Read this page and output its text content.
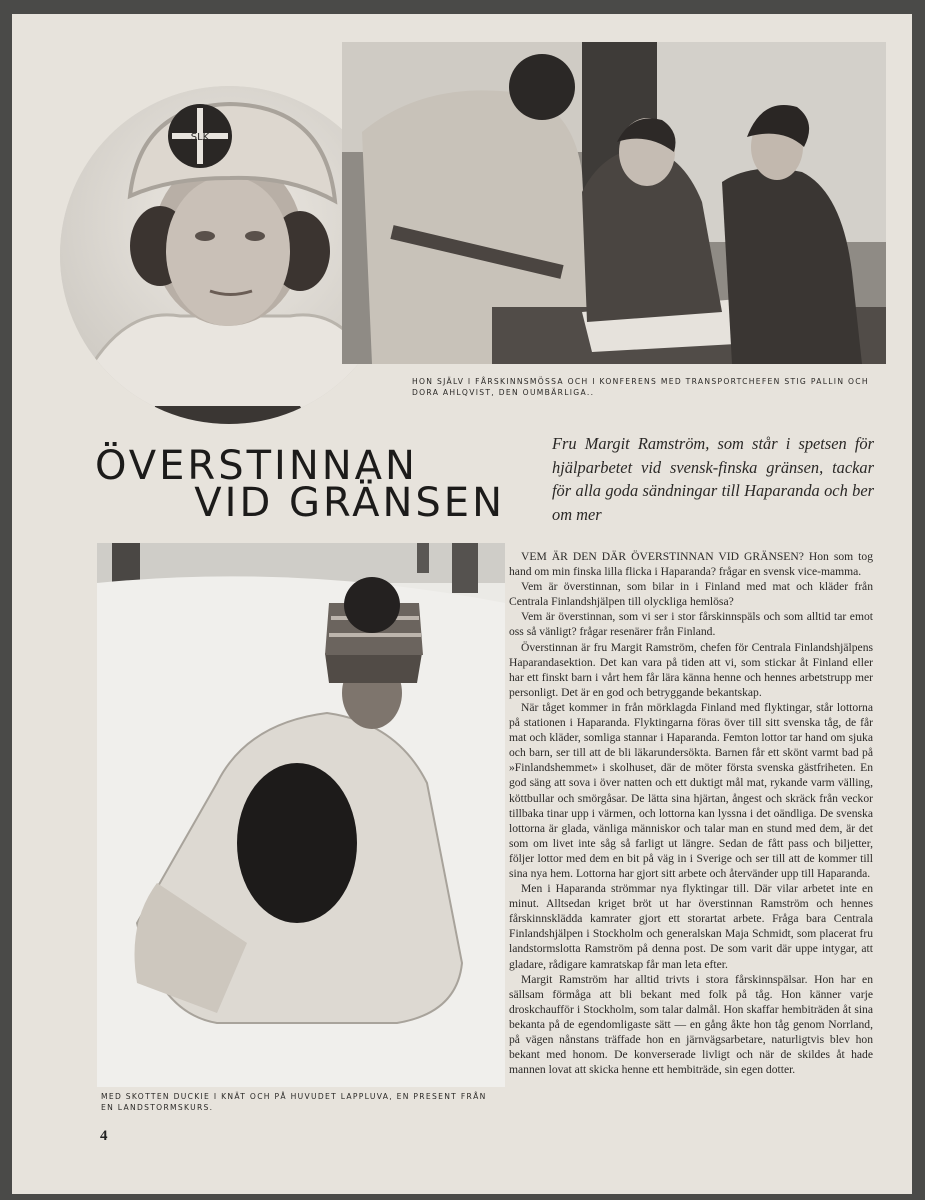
SLK
HON SJÄLV I FÅRSKINNSMÖSSA OCH I KONFERENS MED TRANSPORTCHEFEN STIG PALLIN OCH DORA AHLQVIST, DEN OUMBÄRLIGA..
ÖVERSTINNAN
VID GRÄNSEN
Fru Margit Ramström, som står i spetsen för hjälparbetet vid svensk-finska gränsen, tackar för alla goda sändningar till Haparanda och ber om mer
MED SKOTTEN DUCKIE I KNÄT OCH PÅ HUVUDET LAPPLUVA, EN PRESENT FRÅN EN LANDSTORMSKURS.

VEM ÄR DEN DÄR ÖVERSTINNAN VID GRÄNSEN? Hon som tog hand om min finska lilla flicka i Haparanda? frågar en svensk vice-mamma.

Vem är överstinnan, som bilar in i Finland med mat och kläder från Centrala Finlandshjälpen till olyckliga hemlösa?

Vem är överstinnan, som vi ser i stor fårskinnspäls och som alltid tar emot oss så vänligt? frågar resenärer från Finland.

Överstinnan är fru Margit Ramström, chefen för Centrala Finlandshjälpens Haparandasektion. Det kan vara på tiden att vi, som stickar åt Finland eller har ett finskt barn i vårt hem får lära känna henne och hennes arbetstrupp mer personligt. Det är en god och betryggande bekantskap.

När tåget kommer in från mörklagda Finland med flyktingar, står lottorna på stationen i Haparanda. Flyktingarna föras över till sitt svenska tåg, de får mat och kläder, somliga stannar i Haparanda. Femton lottor tar hand om sjuka och barn, ser till att de bli läkarundersökta. Barnen får ett skönt varmt bad på »Finlandshemmet» i skolhuset, där de möter första svenska gästfriheten. En god säng att sova i över natten och ett duktigt mål mat, rykande varm välling, köttbullar och smörgåsar. De lätta sina hjärtan, ångest och skräck från veckor tillbaka tinar upp i värmen, och lottorna kan lyssna i det oändliga. De svenska lottorna är glada, vänliga människor och talar man en stund med dem, är det som om livet inte såg så farligt ut längre. Sedan de fått pass och biljetter, följer lottor med dem en bit på väg in i Sverige och ser till att de kommer till sina nya hem. Lottorna har gjort sitt arbete och återvänder upp till Haparanda.

Men i Haparanda strömmar nya flyktingar till. Där vilar arbetet inte en minut. Alltsedan kriget bröt ut har överstinnan Ramström och hennes fårskinnsklädda kamrater gjort ett storartat arbete. Fråga bara Centrala Finlandshjälpen i Stockholm och generalskan Maja Schmidt, som placerat fru landstormslotta Ramström på denna post. De som varit där uppe intygar, att gladare, rådigare kamratskap får man leta efter.

Margit Ramström har alltid trivts i stora fårskinnspälsar. Hon har en sällsam förmåga att bli bekant med folk på tåg. Hon känner varje droskchaufför i Stockholm, som talar dalmål. Hon skaffar hembiträden åt sina bekanta på de egendomligaste sätt — en gång åkte hon tåg genom Norrland, på vägen nånstans träffade hon en järnvägsarbetare, naturligtvis blev hon bekant med honom. De konverserade livligt och när de skildes åt hade mannen lovat att skicka henne ett hembiträde, sin egen dotter.

4
